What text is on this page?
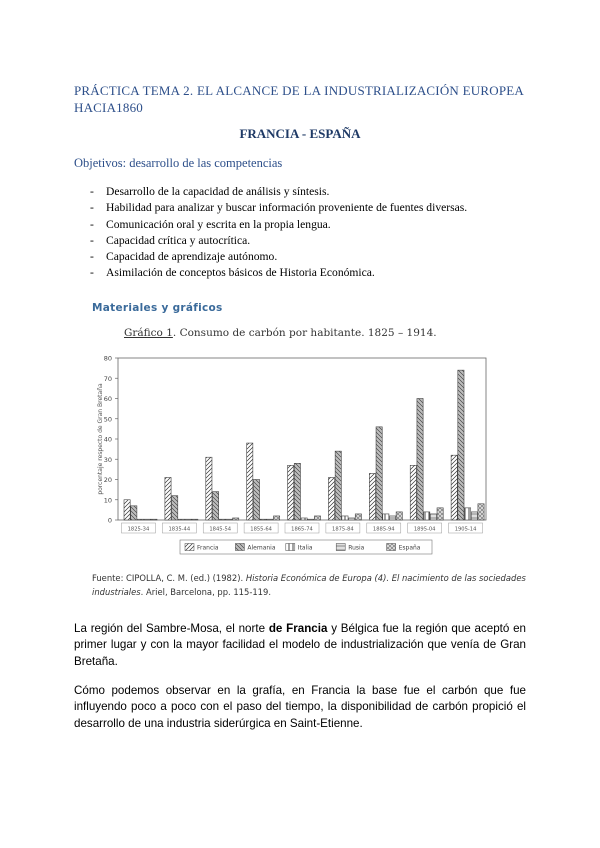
PRÁCTICA TEMA 2. EL ALCANCE DE LA INDUSTRIALIZACIÓN EUROPEA HACIA1860
FRANCIA - ESPAÑA
Objetivos: desarrollo de las competencias
- Desarrollo de la capacidad de análisis y síntesis.
- Habilidad para analizar y buscar información proveniente de fuentes diversas.
- Comunicación oral y escrita en la propia lengua.
- Capacidad crítica y autocrítica.
- Capacidad de aprendizaje autónomo.
- Asimilación de conceptos básicos de Historia Económica.
Materiales y gráficos
Gráfico 1. Consumo de carbón por habitante. 1825 – 1914.
0
10
20
30
40
50
60
70
80
porcentaje respecto de Gran Bretaña
1825-34	1835-44	1845-54	1855-64	1865-74	1875-84	1885-94	1895-04	1905-14
Francia	Alemania	Italia	Rusia	España
Fuente: CIPOLLA, C. M. (ed.) (1982). Historia Económica de Europa (4). El nacimiento de las sociedades industriales. Ariel, Barcelona, pp. 115-119.
La región del Sambre-Mosa, el norte de Francia y Bélgica fue la región que aceptó en primer lugar y con la mayor facilidad el modelo de industrialización que venía de Gran Bretaña.
Cómo podemos observar en la grafía, en Francia la base fue el carbón que fue influyendo poco a poco con el paso del tiempo, la disponibilidad de carbón propició el desarrollo de una industria siderúrgica en Saint-Etienne.
